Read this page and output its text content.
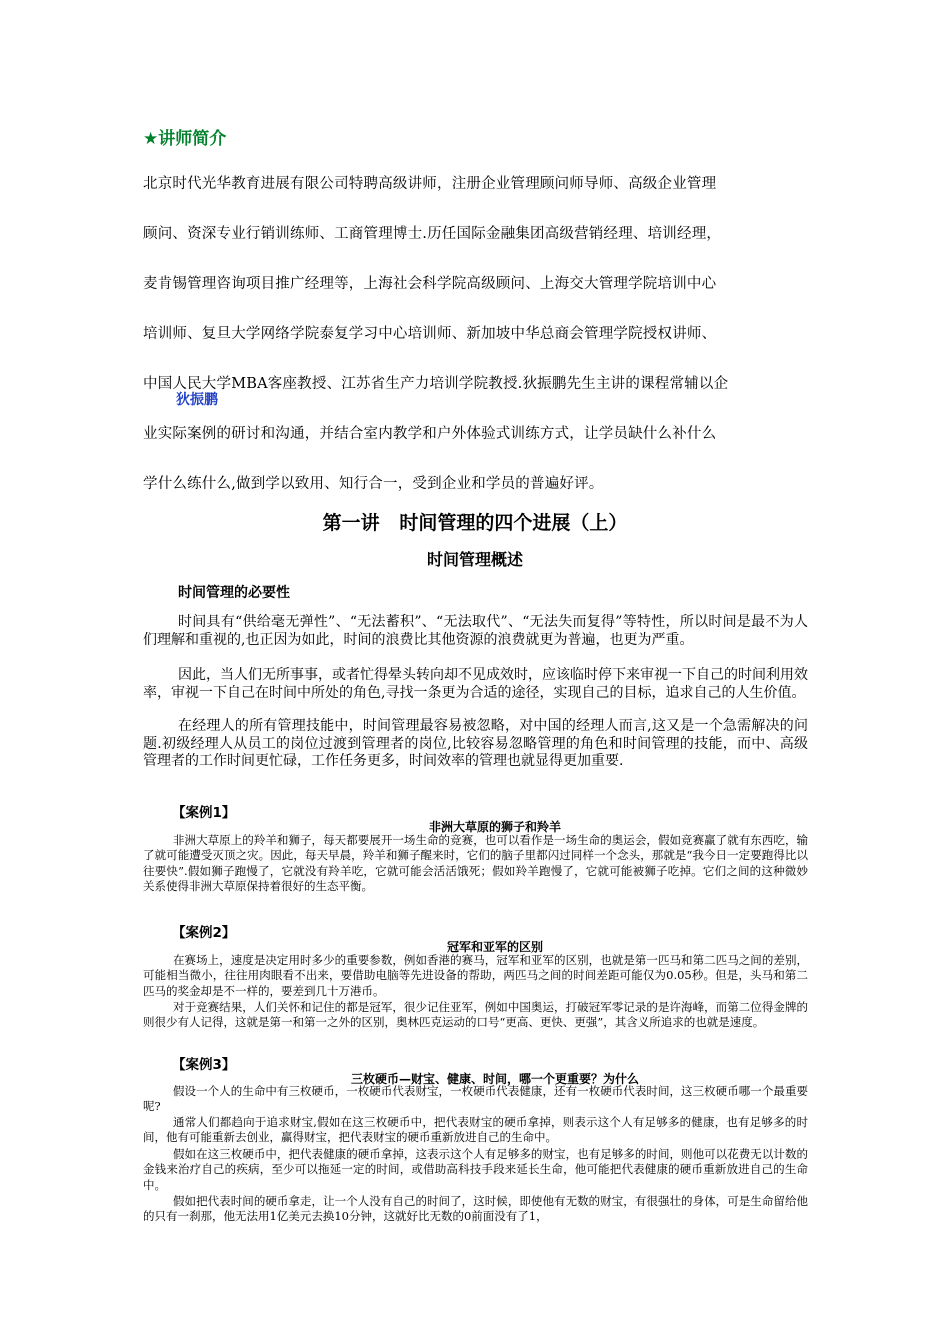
★讲师简介
北京时代光华教育进展有限公司特聘高级讲师，注册企业管理顾问师导师、高级企业管理
顾问、资深专业行销训练师、工商管理博士.历任国际金融集团高级营销经理、培训经理，
麦肯锡管理咨询项目推广经理等，上海社会科学院高级顾问、上海交大管理学院培训中心
培训师、复旦大学网络学院泰复学习中心培训师、新加坡中华总商会管理学院授权讲师、
中国人民大学MBA客座教授、江苏省生产力培训学院教授.狄振鹏先生主讲的课程常辅以企
狄振鹏
业实际案例的研讨和沟通，并结合室内教学和户外体验式训练方式，让学员缺什么补什么
学什么练什么,做到学以致用、知行合一，受到企业和学员的普遍好评。
第一讲   时间管理的四个进展（上）
时间管理概述
时间管理的必要性
时间具有“供给毫无弹性”、“无法蓄积”、“无法取代”、“无法失而复得”等特性，所以时间是最不为人们理解和重视的,也正因为如此，时间的浪费比其他资源的浪费就更为普遍，也更为严重。
因此，当人们无所事事，或者忙得晕头转向却不见成效时，应该临时停下来审视一下自己的时间利用效率，审视一下自己在时间中所处的角色,寻找一条更为合适的途径，实现自己的目标，追求自己的人生价值。
在经理人的所有管理技能中，时间管理最容易被忽略，对中国的经理人而言,这又是一个急需解决的问题.初级经理人从员工的岗位过渡到管理者的岗位,比较容易忽略管理的角色和时间管理的技能，而中、高级管理者的工作时间更忙碌，工作任务更多，时间效率的管理也就显得更加重要.
【案例1】
非洲大草原的狮子和羚羊
非洲大草原上的羚羊和狮子，每天都要展开一场生命的竞赛，也可以看作是一场生命的奥运会，假如竞赛赢了就有东西吃，输了就可能遭受灭顶之灾。因此，每天早晨，羚羊和狮子醒来时，它们的脑子里都闪过同样一个念头，那就是“我今日一定要跑得比以往要快”.假如狮子跑慢了，它就没有羚羊吃，它就可能会活活饿死；假如羚羊跑慢了，它就可能被狮子吃掉。它们之间的这种微妙关系使得非洲大草原保持着很好的生态平衡。
【案例2】
冠军和亚军的区别
在赛场上，速度是决定用时多少的重要参数，例如香港的赛马，冠军和亚军的区别，也就是第一匹马和第二匹马之间的差别，可能相当微小，往往用肉眼看不出来，要借助电脑等先进设备的帮助，两匹马之间的时间差距可能仅为0.05秒。但是，头马和第二匹马的奖金却是不一样的，要差到几十万港币。
对于竞赛结果，人们关怀和记住的都是冠军，很少记住亚军，例如中国奥运，打破冠军零记录的是许海峰，而第二位得金牌的则很少有人记得，这就是第一和第一之外的区别，奥林匹克运动的口号“更高、更快、更强”，其含义所追求的也就是速度。
【案例3】
三枚硬币—财宝、健康、时间，哪一个更重要？为什么
假设一个人的生命中有三枚硬币，一枚硬币代表财宝，一枚硬币代表健康，还有一枚硬币代表时间，这三枚硬币哪一个最重要呢?
通常人们都趋向于追求财宝,假如在这三枚硬币中，把代表财宝的硬币拿掉，则表示这个人有足够多的健康，也有足够多的时间，他有可能重新去创业，赢得财宝，把代表财宝的硬币重新放进自己的生命中。
假如在这三枚硬币中，把代表健康的硬币拿掉，这表示这个人有足够多的财宝，也有足够多的时间，则他可以花费无以计数的金钱来治疗自己的疾病，至少可以拖延一定的时间，或借助高科技手段来延长生命，他可能把代表健康的硬币重新放进自己的生命中。
假如把代表时间的硬币拿走，让一个人没有自己的时间了，这时候，即使他有无数的财宝，有很强壮的身体，可是生命留给他的只有一刹那，他无法用1亿美元去换10分钟，这就好比无数的0前面没有了1，
